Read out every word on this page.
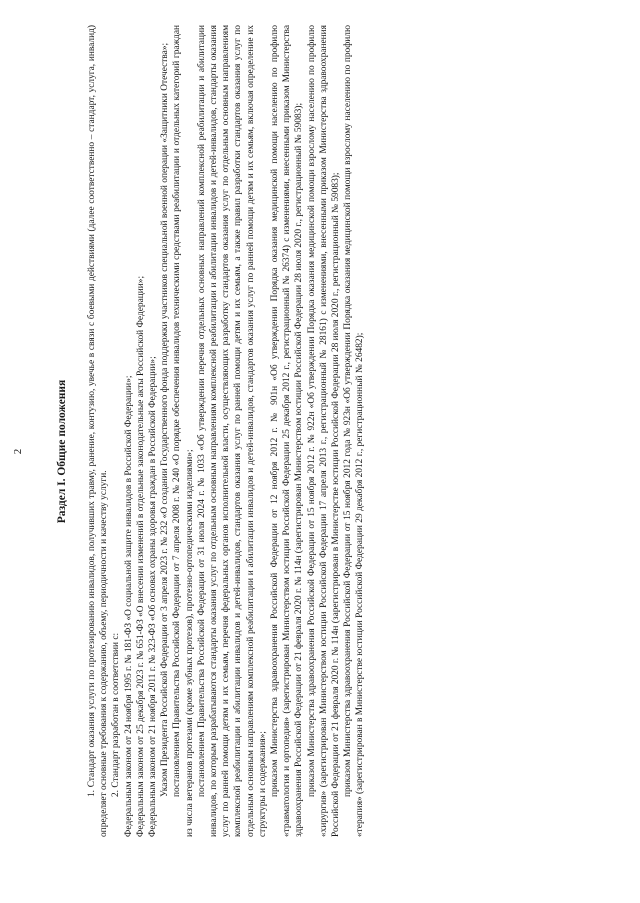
2	Раздел I. Общие положения 1. Стандарт оказания услуги по протезированию инвалидов, получивших травму, ранение, контузию, увечье в связи с боевыми действиями (далее соответственно – стандарт, услуга, инвалид) определяет основные требования к содержанию, объему, периодичности и качеству услуги. 2. Стандарт разработан в соответствии с: Федеральным законом от 24 ноября 1995 г. № 181-ФЗ «О социальной защите инвалидов в Российской Федерации»; Федеральным законом от 25 декабря 2023 г. № 651-ФЗ «О внесении изменений в отдельные законодательные акты Российской Федерации»; Федеральным законом от 21 ноября 2011 г. № 323-ФЗ «Об основах охраны здоровья граждан в Российской Федерации»; Указом Президента Российской Федерации от 3 апреля 2023 г. № 232 «О создании Государственного фонда поддержки участников специальной военной операции «Защитники Отечества»; постановлением Правительства Российской Федерации от 7 апреля 2008 г. № 240 «О порядке обеспечения инвалидов техническими средствами реабилитации и отдельных категорий граждан из числа ветеранов протезами (кроме зубных протезов), протезно-ортопедическими изделиями»; постановлением Правительства Российской Федерации от 31 июля 2024 г. № 1033 «Об утверждении перечня отдельных основных направлений комплексной реабилитации и абилитации инвалидов, по которым разрабатываются стандарты оказания услуг по отдельным основным направлениям комплексной реабилитации и абилитации инвалидов и детей-инвалидов, стандарты оказания услуг по ранней помощи детям и их семьям, перечня федеральных органов исполнительной власти, осуществляющих разработку стандартов оказания услуг по отдельным основным направлениям комплексной реабилитации и абилитации инвалидов и детей-инвалидов, стандартов оказания услуг по ранней помощи детям и их семьям, а также правил разработки стандартов оказания услуг по отдельным основным направлениям комплексной реабилитации и абилитации инвалидов и детей-инвалидов, стандартов оказания услуг по ранней помощи детям и их семьям, включая определение их структуры и содержания»; приказом Министерства здравоохранения Российской Федерации от 12 ноября 2012 г. № 901н «Об утверждении Порядка оказания медицинской помощи населению по профилю «травматология и ортопедия» (зарегистрирован Министерством юстиции Российской Федерации 25 декабря 2012 г., регистрационный № 26374) с изменениями, внесенными приказом Министерства здравоохранения Российской Федерации от 21 февраля 2020 г. № 114н (зарегистрирован Министерством юстиции Российской Федерации 28 июля 2020 г., регистрационный № 59083); приказом Министерства здравоохранения Российской Федерации от 15 ноября 2012 г. № 922н «Об утверждении Порядка оказания медицинской помощи взрослому населению по профилю «хирургия» (зарегистрирован Министерством юстиции Российской Федерации 17 апреля 2013 г., регистрационный № 28161) с изменениями, внесенными приказом Министерства здравоохранения Российской Федерации от 21 февраля 2020 г. № 114н (зарегистрирован в Министерстве юстиции Российской Федерации 28 июля 2020 г., регистрационный № 59083); приказом Министерства здравоохранения Российской Федерации от 15 ноября 2012 года № 923н «Об утверждении Порядка оказания медицинской помощи взрослому населению по профилю «терапия» (зарегистрирован в Министерстве юстиции Российской Федерации 29 декабря 2012 г., регистрационный № 26482);
